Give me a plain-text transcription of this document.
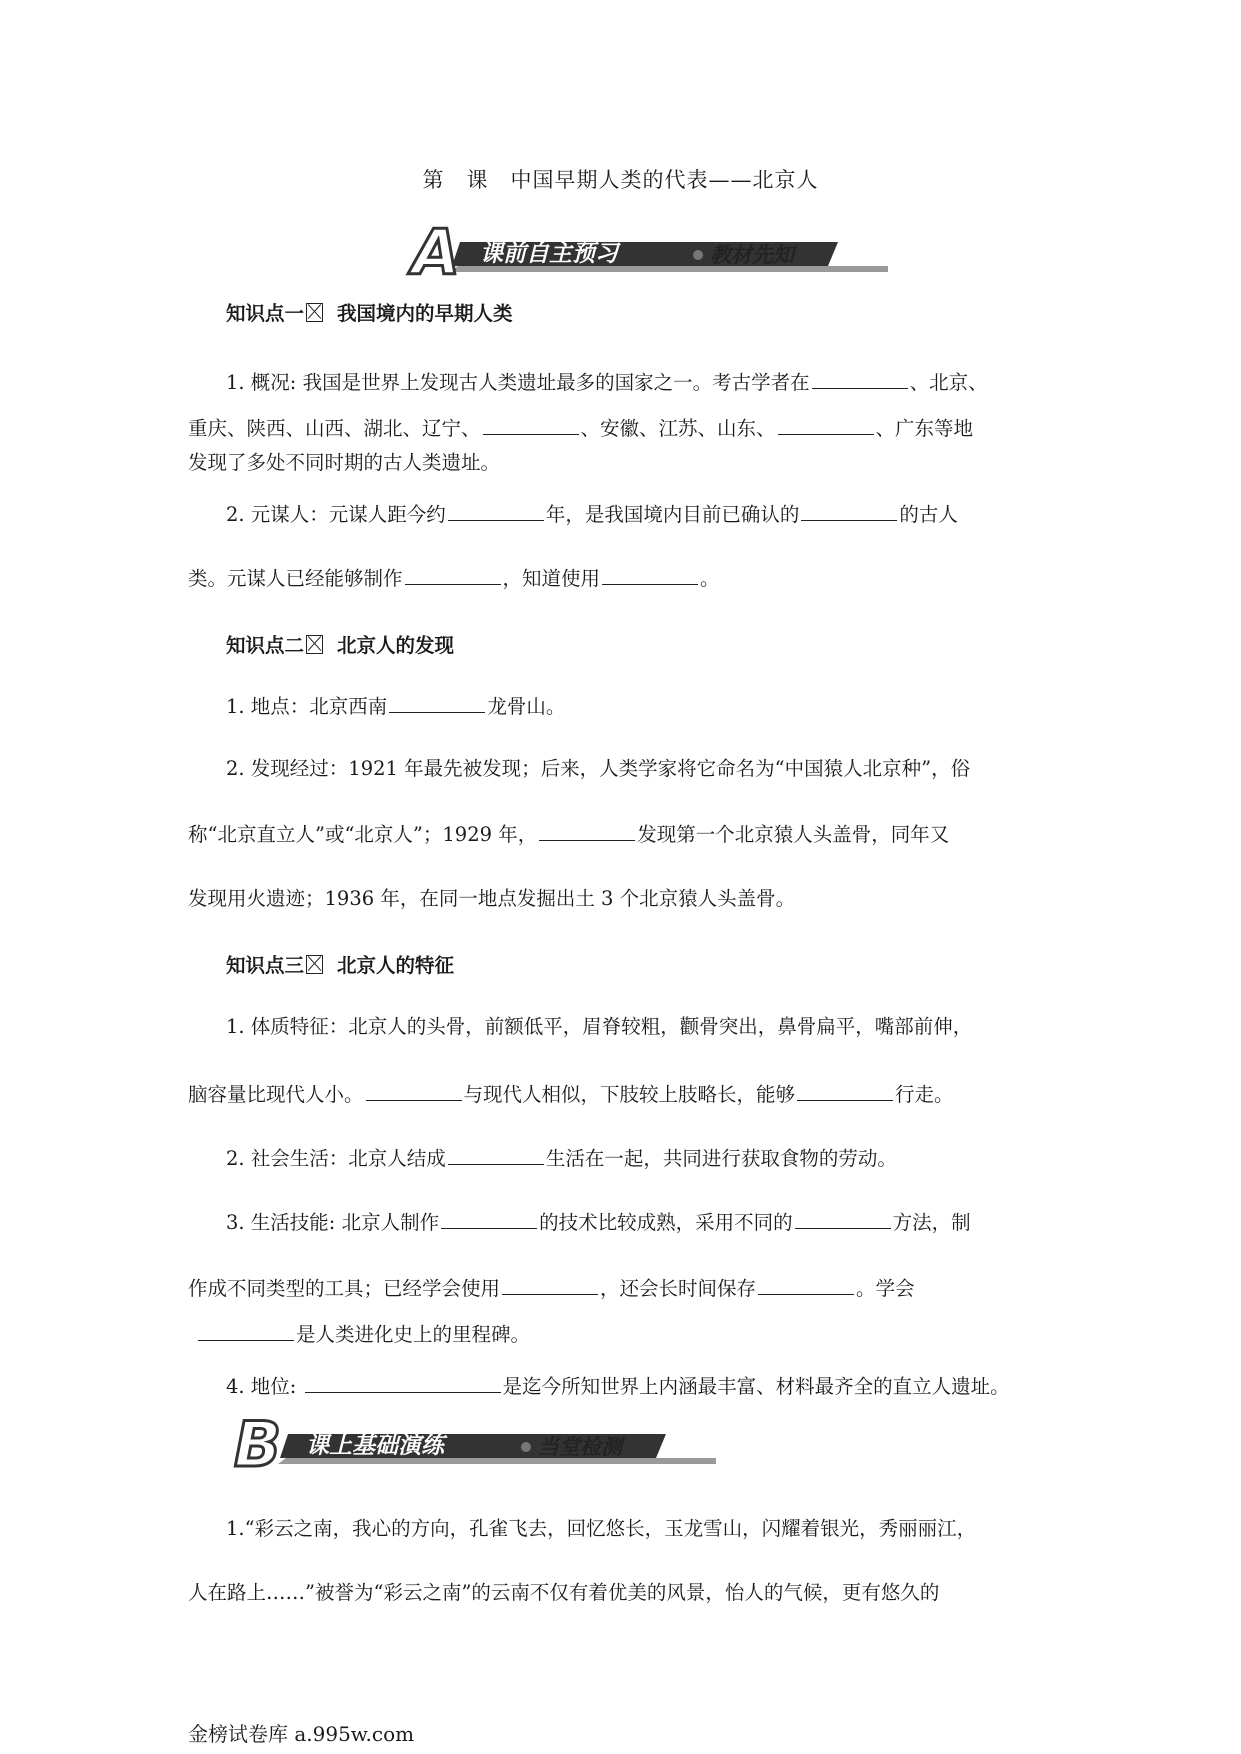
第　课　中国早期人类的代表——北京人
A 课前自主预习	教材先知
知识点一 我国境内的早期人类
1. 概况: 我国是世界上发现古人类遗址最多的国家之一。考古学者在	、北京、
重庆、陕西、山西、湖北、辽宁、	、安徽、江苏、山东、	、广东等地
发现了多处不同时期的古人类遗址。
2. 元谋人：元谋人距今约	年，是我国境内目前已确认的	的古人
类。元谋人已经能够制作	，知道使用	。
知识点二 北京人的发现
1. 地点：北京西南	龙骨山。
2. 发现经过：1921 年最先被发现；后来，人类学家将它命名为“中国猿人北京种”，俗
称“北京直立人”或“北京人”；1929 年，	发现第一个北京猿人头盖骨，同年又
发现用火遗迹；1936 年，在同一地点发掘出土 3 个北京猿人头盖骨。
知识点三 北京人的特征
1. 体质特征：北京人的头骨，前额低平，眉脊较粗，颧骨突出，鼻骨扁平，嘴部前伸，
脑容量比现代人小。	与现代人相似，下肢较上肢略长，能够	行走。
2. 社会生活：北京人结成	生活在一起，共同进行获取食物的劳动。
3. 生活技能: 北京人制作	的技术比较成熟，采用不同的	方法，制
作成不同类型的工具；已经学会使用	，还会长时间保存	。学会
是人类进化史上的里程碑。
4. 地位:	是迄今所知世界上内涵最丰富、材料最齐全的直立人遗址。
B 课上基础演练	当堂检测
1.“彩云之南，我心的方向，孔雀飞去，回忆悠长，玉龙雪山，闪耀着银光，秀丽丽江，
人在路上……”被誉为“彩云之南”的云南不仅有着优美的风景，怡人的气候，更有悠久的
金榜试卷库 a.995w.com
